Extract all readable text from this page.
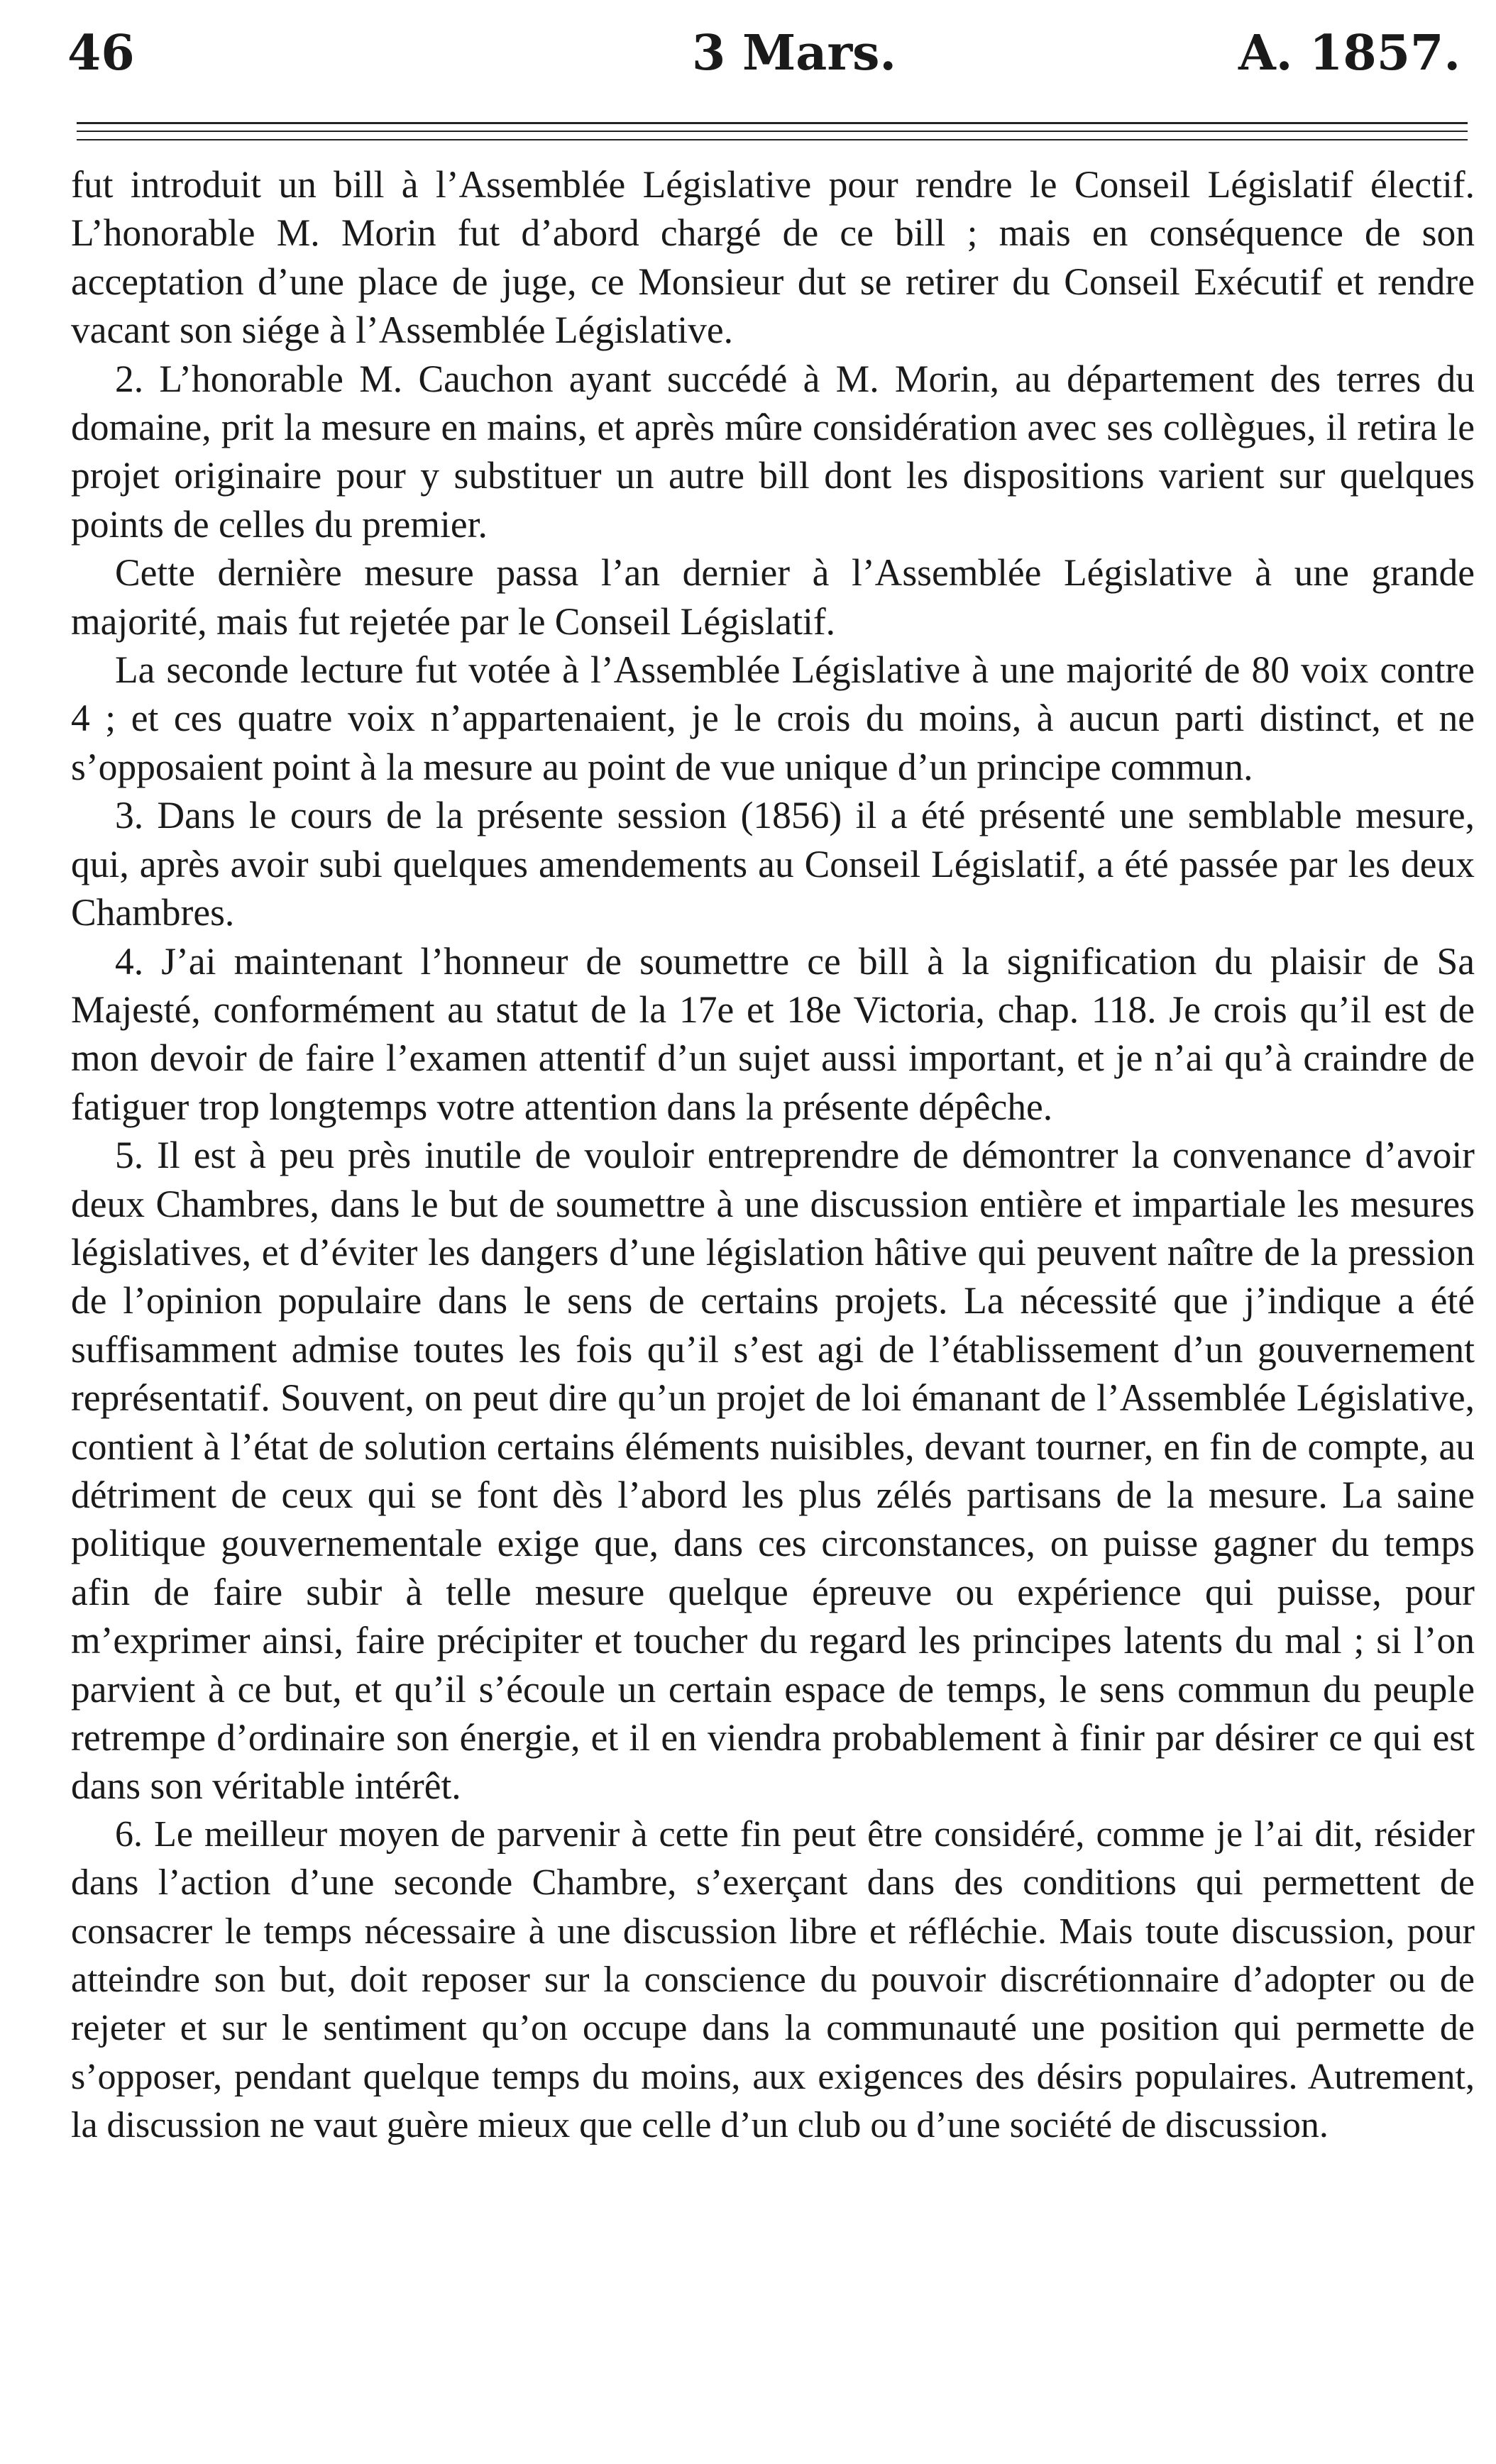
46	3 Mars.	A. 1857.

fut introduit un bill à l’Assemblée Législative pour rendre le Conseil Législatif électif. L’honorable M. Morin fut d’abord chargé de ce bill ; mais en conséquence de son acceptation d’une place de juge, ce Monsieur dut se retirer du Conseil Exécutif et rendre vacant son siége à l’Assemblée Législative.

2. L’honorable M. Cauchon ayant succédé à M. Morin, au département des terres du domaine, prit la mesure en mains, et après mûre considération avec ses collègues, il retira le projet originaire pour y substituer un autre bill dont les dispositions varient sur quelques points de celles du premier.

Cette dernière mesure passa l’an dernier à l’Assemblée Législative à une grande majorité, mais fut rejetée par le Conseil Législatif.

La seconde lecture fut votée à l’Assemblée Législative à une majorité de 80 voix contre 4 ; et ces quatre voix n’appartenaient, je le crois du moins, à aucun parti distinct, et ne s’opposaient point à la mesure au point de vue unique d’un principe commun.

3. Dans le cours de la présente session (1856) il a été présenté une semblable mesure, qui, après avoir subi quelques amendements au Conseil Législatif, a été passée par les deux Chambres.

4. J’ai maintenant l’honneur de soumettre ce bill à la signification du plaisir de Sa Majesté, conformément au statut de la 17e et 18e Victoria, chap. 118. Je crois qu’il est de mon devoir de faire l’examen attentif d’un sujet aussi important, et je n’ai qu’à craindre de fatiguer trop longtemps votre attention dans la présente dépêche.

5. Il est à peu près inutile de vouloir entreprendre de démontrer la convenance d’avoir deux Chambres, dans le but de soumettre à une discussion entière et impartiale les mesures législatives, et d’éviter les dangers d’une législation hâtive qui peuvent naître de la pression de l’opinion populaire dans le sens de certains projets. La nécessité que j’indique a été suffisamment admise toutes les fois qu’il s’est agi de l’établissement d’un gouvernement représentatif. Souvent, on peut dire qu’un projet de loi émanant de l’Assemblée Législative, contient à l’état de solution certains éléments nuisibles, devant tourner, en fin de compte, au détriment de ceux qui se font dès l’abord les plus zélés partisans de la mesure. La saine politique gouvernementale exige que, dans ces circonstances, on puisse gagner du temps afin de faire subir à telle mesure quelque épreuve ou expérience qui puisse, pour m’exprimer ainsi, faire précipiter et toucher du regard les principes latents du mal ; si l’on parvient à ce but, et qu’il s’écoule un certain espace de temps, le sens commun du peuple retrempe d’ordinaire son énergie, et il en viendra probablement à finir par désirer ce qui est dans son véritable intérêt.

6. Le meilleur moyen de parvenir à cette fin peut être considéré, comme je l’ai dit, résider dans l’action d’une seconde Chambre, s’exerçant dans des conditions qui permettent de consacrer le temps nécessaire à une discussion libre et réfléchie. Mais toute discussion, pour atteindre son but, doit reposer sur la conscience du pouvoir discrétionnaire d’adopter ou de rejeter et sur le sentiment qu’on occupe dans la communauté une position qui permette de s’opposer, pendant quelque temps du moins, aux exigences des désirs populaires. Autrement, la discussion ne vaut guère mieux que celle d’un club ou d’une société de discussion.
